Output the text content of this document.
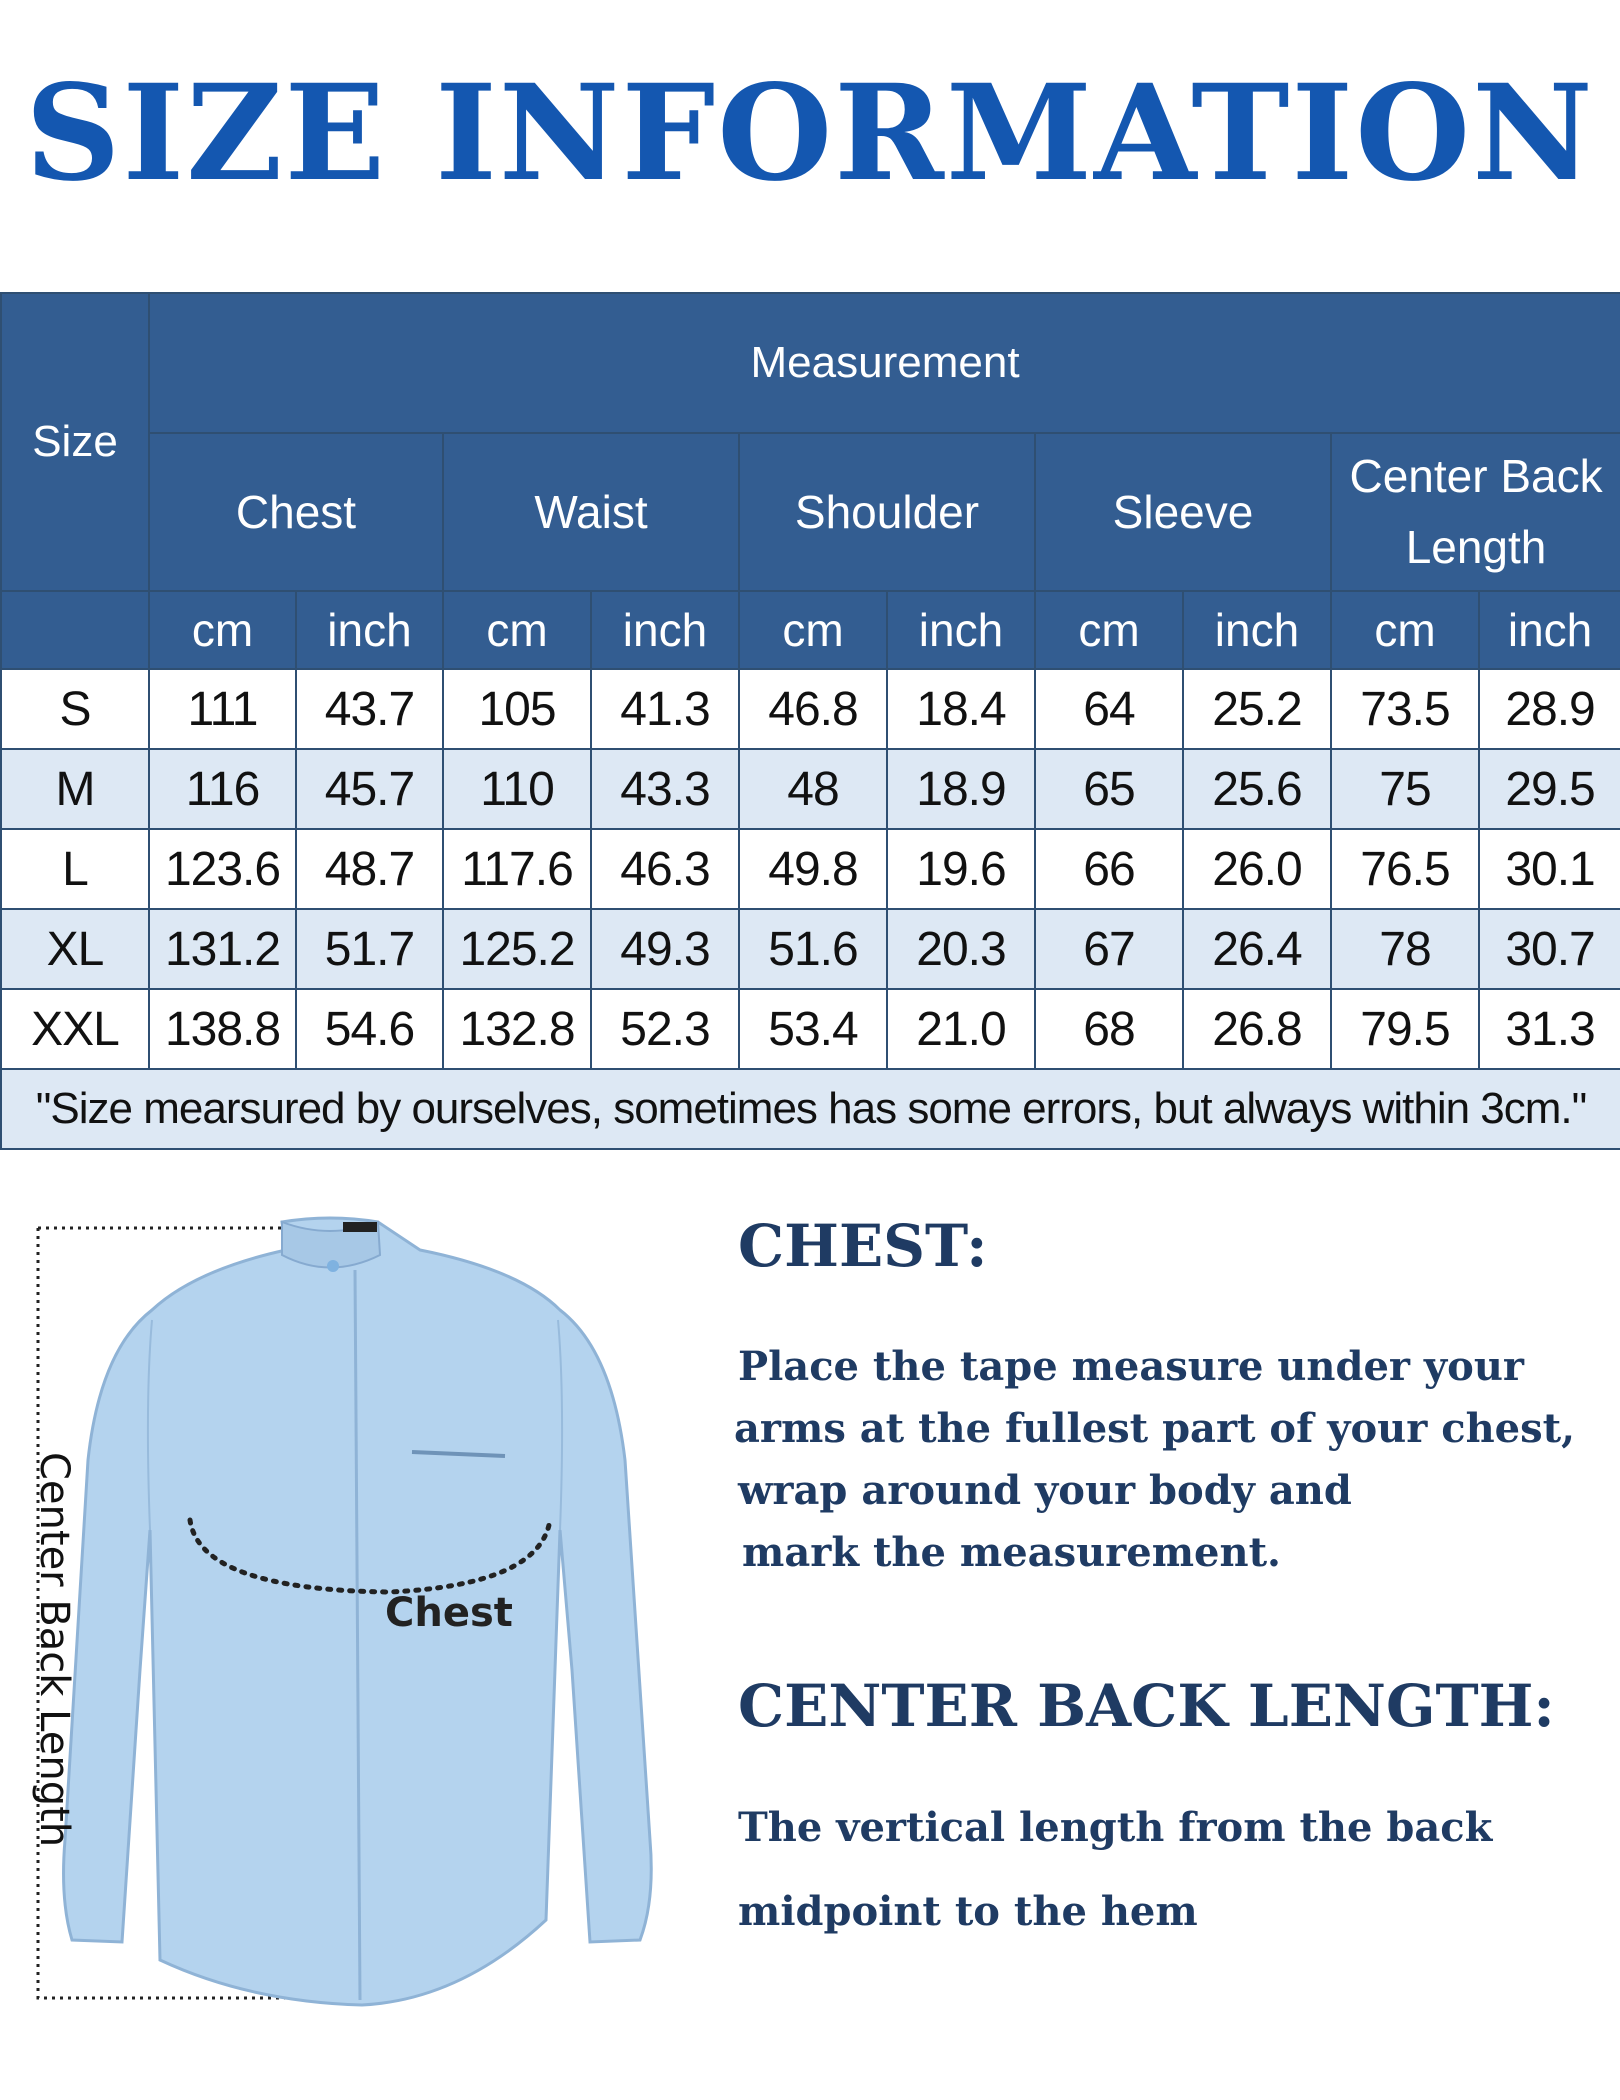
SIZE INFORMATION
Size	Measurement									
	Chest		Waist		Shoulder		Sleeve		Center Back Length	
	cm	inch	cm	inch	cm	inch	cm	inch	cm	inch
S	111	43.7	105	41.3	46.8	18.4	64	25.2	73.5	28.9
M	116	45.7	110	43.3	48	18.9	65	25.6	75	29.5
L	123.6	48.7	117.6	46.3	49.8	19.6	66	26.0	76.5	30.1
XL	131.2	51.7	125.2	49.3	51.6	20.3	67	26.4	78	30.7
XXL	138.8	54.6	132.8	52.3	53.4	21.0	68	26.8	79.5	31.3
"Size mearsured by ourselves, sometimes has some errors, but always within 3cm."										
Center Back Length	Chest
CHEST:

Place the tape measure under your
arms at the fullest part of your chest,
wrap around your body and
mark the measurement.

CENTER BACK LENGTH:

The vertical length from the back
midpoint to the hem
